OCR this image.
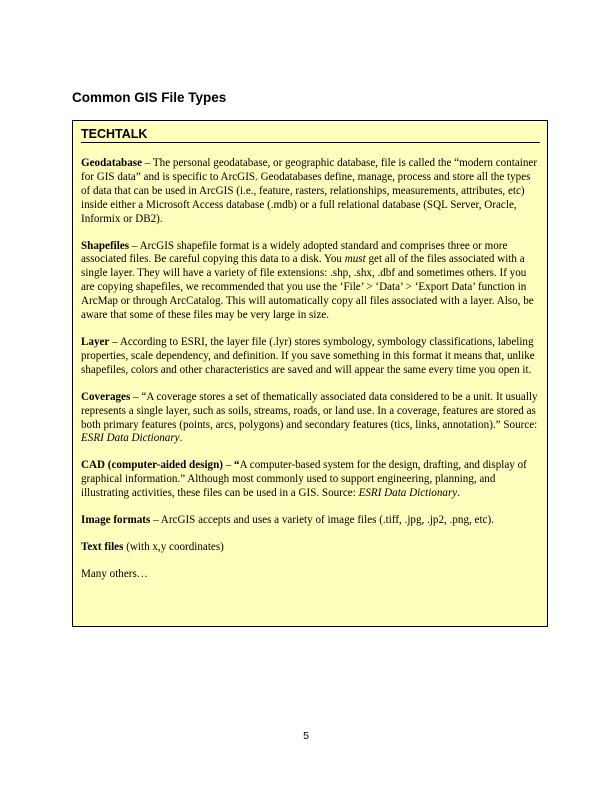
Common GIS File Types
TECHTALK

Geodatabase – The personal geodatabase, or geographic database, file is called the “modern container for GIS data” and is specific to ArcGIS. Geodatabases define, manage, process and store all the types of data that can be used in ArcGIS (i.e., feature, rasters, relationships, measurements, attributes, etc) inside either a Microsoft Access database (.mdb) or a full relational database (SQL Server, Oracle, Informix or DB2).

Shapefiles – ArcGIS shapefile format is a widely adopted standard and comprises three or more associated files. Be careful copying this data to a disk. You must get all of the files associated with a single layer. They will have a variety of file extensions: .shp, .shx, .dbf and sometimes others. If you are copying shapefiles, we recommended that you use the ‘File’ > ‘Data’ > ‘Export Data’ function in ArcMap or through ArcCatalog. This will automatically copy all files associated with a layer. Also, be aware that some of these files may be very large in size.

Layer – According to ESRI, the layer file (.lyr) stores symbology, symbology classifications, labeling properties, scale dependency, and definition. If you save something in this format it means that, unlike shapefiles, colors and other characteristics are saved and will appear the same every time you open it.

Coverages – “A coverage stores a set of thematically associated data considered to be a unit. It usually represents a single layer, such as soils, streams, roads, or land use. In a coverage, features are stored as both primary features (points, arcs, polygons) and secondary features (tics, links, annotation).” Source: ESRI Data Dictionary.

CAD (computer-aided design) – “A computer-based system for the design, drafting, and display of graphical information.” Although most commonly used to support engineering, planning, and illustrating activities, these files can be used in a GIS. Source: ESRI Data Dictionary.

Image formats – ArcGIS accepts and uses a variety of image files (.tiff, .jpg, .jp2, .png, etc).

Text files (with x,y coordinates)

Many others…

5
